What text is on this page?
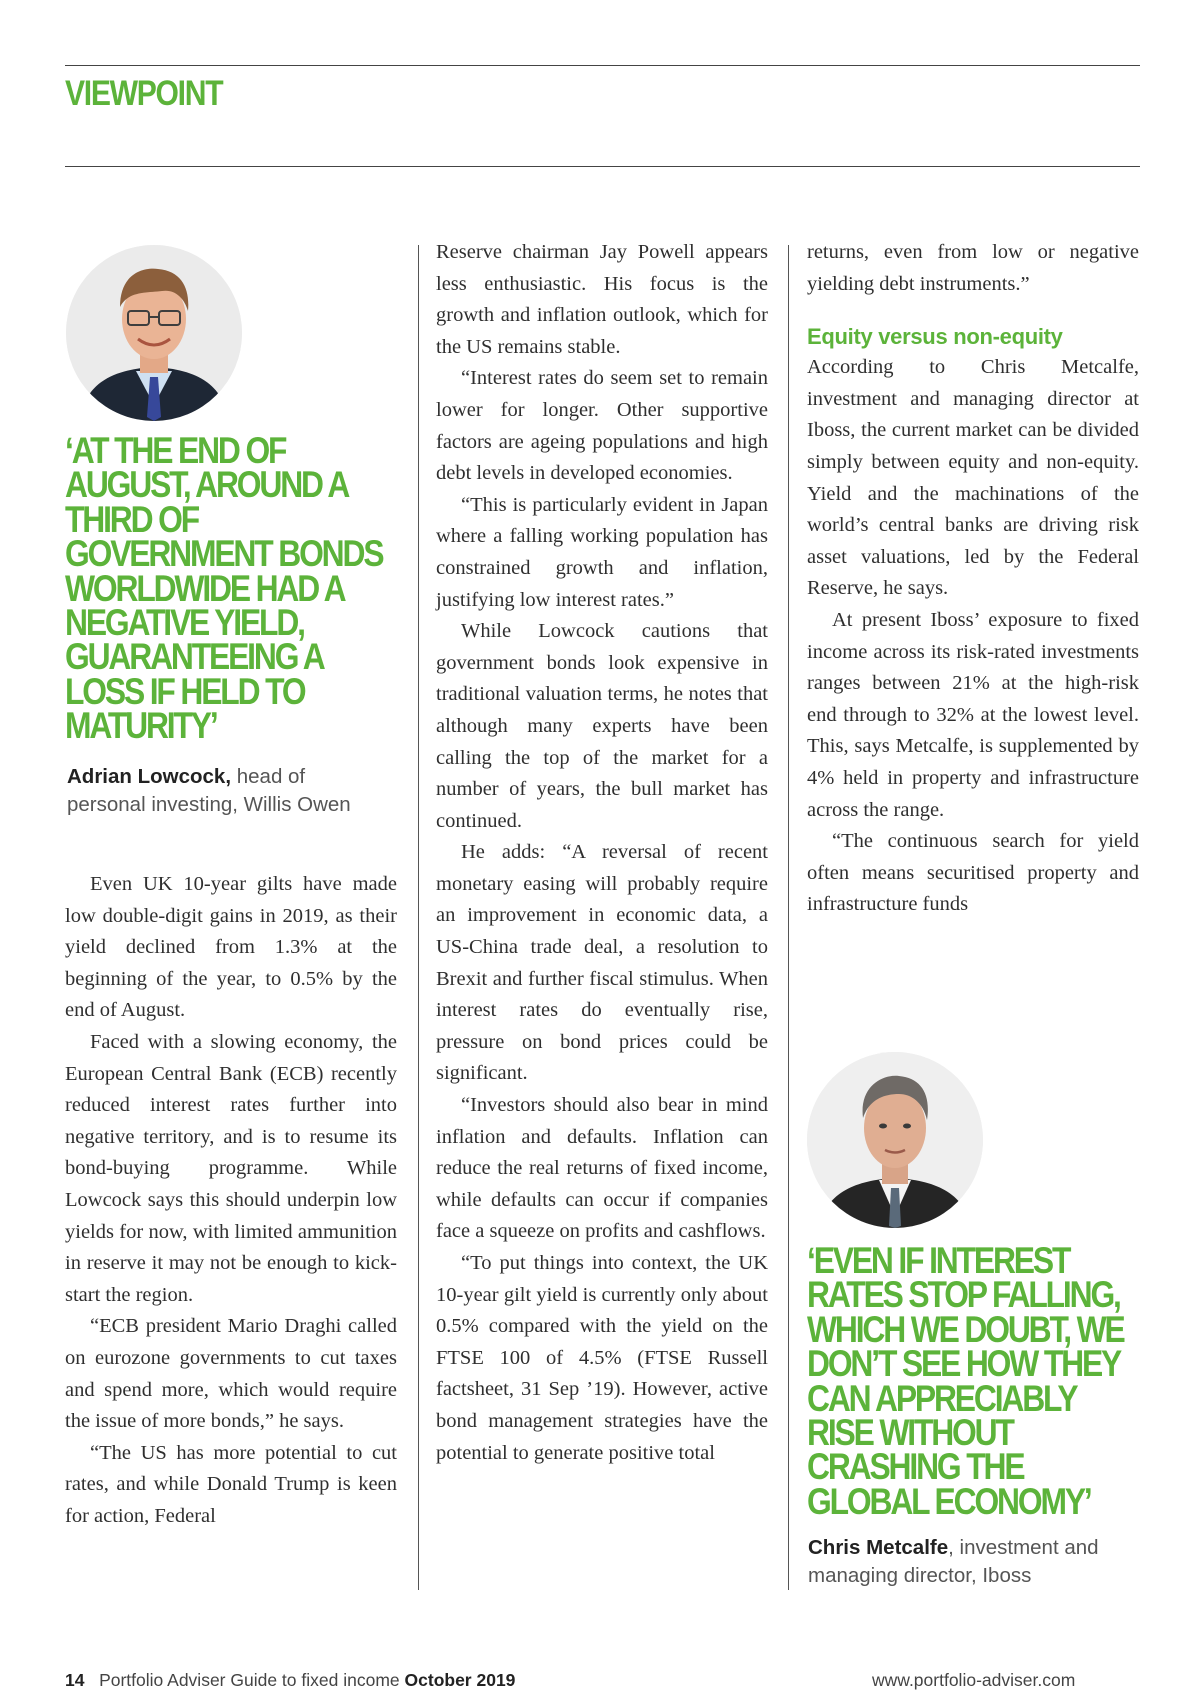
VIEWPOINT

‘AT THE END OF AUGUST, AROUND A THIRD OF GOVERNMENT BONDS WORLDWIDE HAD A NEGATIVE YIELD, GUARANTEEING A LOSS IF HELD TO MATURITY’

Adrian Lowcock, head of personal investing, Willis Owen

Even UK 10-year gilts have made low double-digit gains in 2019, as their yield declined from 1.3% at the beginning of the year, to 0.5% by the end of August.

Faced with a slowing economy, the European Central Bank (ECB) recently reduced interest rates further into negative territory, and is to resume its bond-buying programme. While Lowcock says this should underpin low yields for now, with limited ammunition in reserve it may not be enough to kick-start the region.

“ECB president Mario Draghi called on eurozone governments to cut taxes and spend more, which would require the issue of more bonds,” he says.

“The US has more potential to cut rates, and while Donald Trump is keen for action, Federal

Reserve chairman Jay Powell appears less enthusiastic. His focus is the growth and inflation outlook, which for the US remains stable.

“Interest rates do seem set to remain lower for longer. Other supportive factors are ageing populations and high debt levels in developed economies.

“This is particularly evident in Japan where a falling working population has constrained growth and inflation, justifying low interest rates.”

While Lowcock cautions that government bonds look expensive in traditional valuation terms, he notes that although many experts have been calling the top of the market for a number of years, the bull market has continued.

He adds: “A reversal of recent monetary easing will probably require an improvement in economic data, a US-China trade deal, a resolution to Brexit and further fiscal stimulus. When interest rates do eventually rise, pressure on bond prices could be significant.

“Investors should also bear in mind inflation and defaults. Inflation can reduce the real returns of fixed income, while defaults can occur if companies face a squeeze on profits and cashflows.

“To put things into context, the UK 10-year gilt yield is currently only about 0.5% compared with the yield on the FTSE 100 of 4.5% (FTSE Russell factsheet, 31 Sep ’19). However, active bond management strategies have the potential to generate positive total

returns, even from low or negative yielding debt instruments.”

Equity versus non-equity

According to Chris Metcalfe, investment and managing director at Iboss, the current market can be divided simply between equity and non-equity. Yield and the machinations of the world’s central banks are driving risk asset valuations, led by the Federal Reserve, he says.

At present Iboss’ exposure to fixed income across its risk-rated investments ranges between 21% at the high-risk end through to 32% at the lowest level. This, says Metcalfe, is supplemented by 4% held in property and infrastructure across the range.

“The continuous search for yield often means securitised property and infrastructure funds

‘EVEN IF INTEREST RATES STOP FALLING, WHICH WE DOUBT, WE DON’T SEE HOW THEY CAN APPRECIABLY RISE WITHOUT CRASHING THE GLOBAL ECONOMY’

Chris Metcalfe, investment and managing director, Iboss
14 Portfolio Adviser Guide to fixed income October 2019	www.portfolio-adviser.com
